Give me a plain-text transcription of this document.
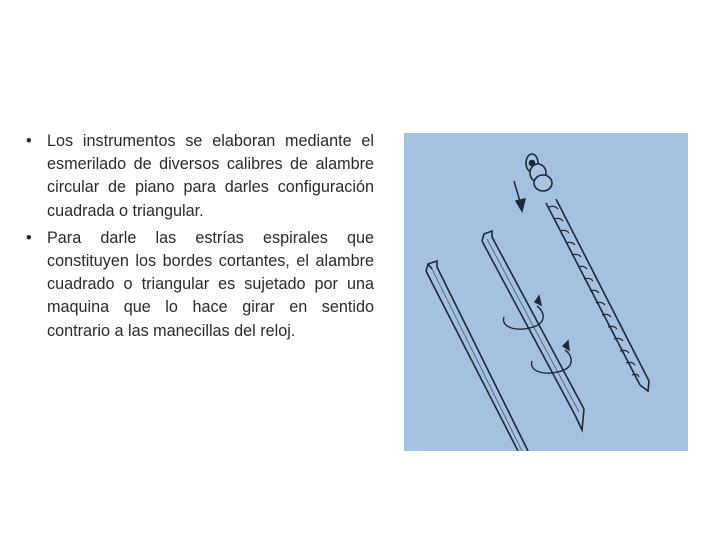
• Los instrumentos se elaboran mediante el esmerilado de diversos calibres de alambre circular de piano para darles configuración cuadrada o triangular.
• Para darle las estrías espirales que constituyen los bordes cortantes, el alambre cuadrado o triangular es sujetado por una maquina que lo hace girar en sentido contrario a las manecillas del reloj.
